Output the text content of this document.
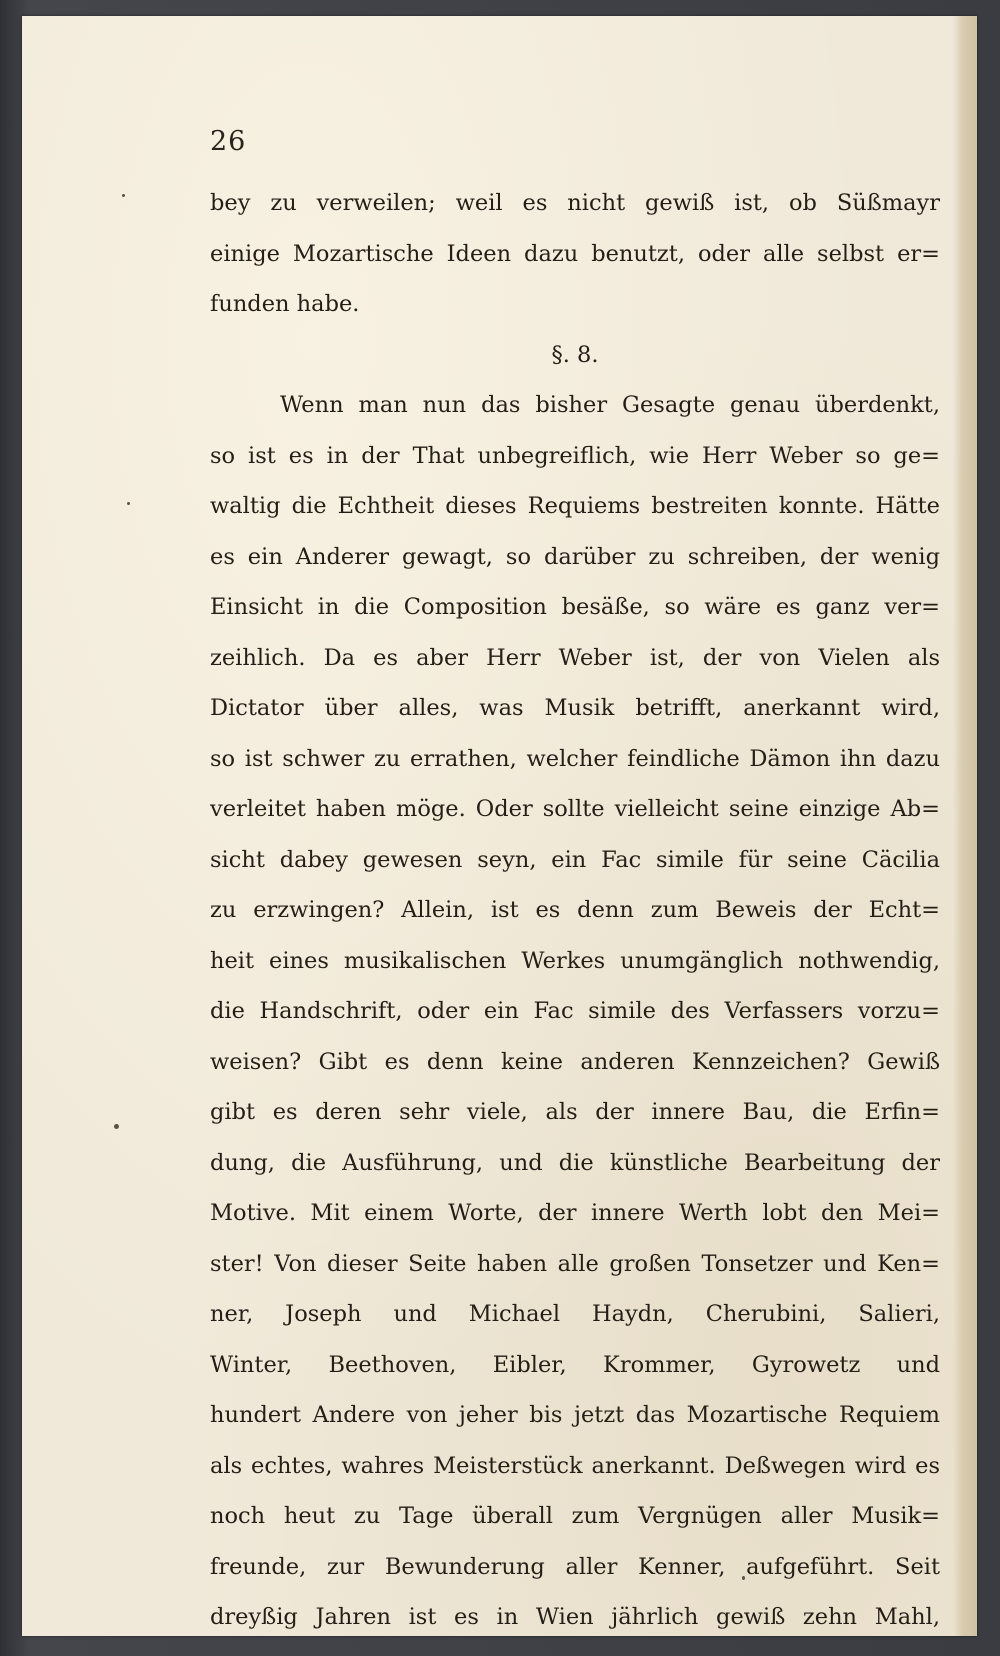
26
bey zu verweilen; weil es nicht gewiß ist, ob Süßmayr
einige Mozartische Ideen dazu benutzt, oder alle selbst er=
funden habe.
§. 8.
Wenn man nun das bisher Gesagte genau überdenkt,
so ist es in der That unbegreiflich, wie Herr Weber so ge=
waltig die Echtheit dieses Requiems bestreiten konnte. Hätte
es ein Anderer gewagt, so darüber zu schreiben, der wenig
Einsicht in die Composition besäße, so wäre es ganz ver=
zeihlich. Da es aber Herr Weber ist, der von Vielen als
Dictator über alles, was Musik betrifft, anerkannt wird,
so ist schwer zu errathen, welcher feindliche Dämon ihn dazu
verleitet haben möge. Oder sollte vielleicht seine einzige Ab=
sicht dabey gewesen seyn, ein Fac simile für seine Cäcilia
zu erzwingen? Allein, ist es denn zum Beweis der Echt=
heit eines musikalischen Werkes unumgänglich nothwendig,
die Handschrift, oder ein Fac simile des Verfassers vorzu=
weisen? Gibt es denn keine anderen Kennzeichen? Gewiß
gibt es deren sehr viele, als der innere Bau, die Erfin=
dung, die Ausführung, und die künstliche Bearbeitung der
Motive. Mit einem Worte, der innere Werth lobt den Mei=
ster! Von dieser Seite haben alle großen Tonsetzer und Ken=
ner, Joseph und Michael Haydn, Cherubini, Salieri,
Winter, Beethoven, Eibler, Krommer, Gyrowetz und
hundert Andere von jeher bis jetzt das Mozartische Requiem
als echtes, wahres Meisterstück anerkannt. Deßwegen wird es
noch heut zu Tage überall zum Vergnügen aller Musik=
freunde, zur Bewunderung aller Kenner, aufgeführt. Seit
dreyßig Jahren ist es in Wien jährlich gewiß zehn Mahl,
